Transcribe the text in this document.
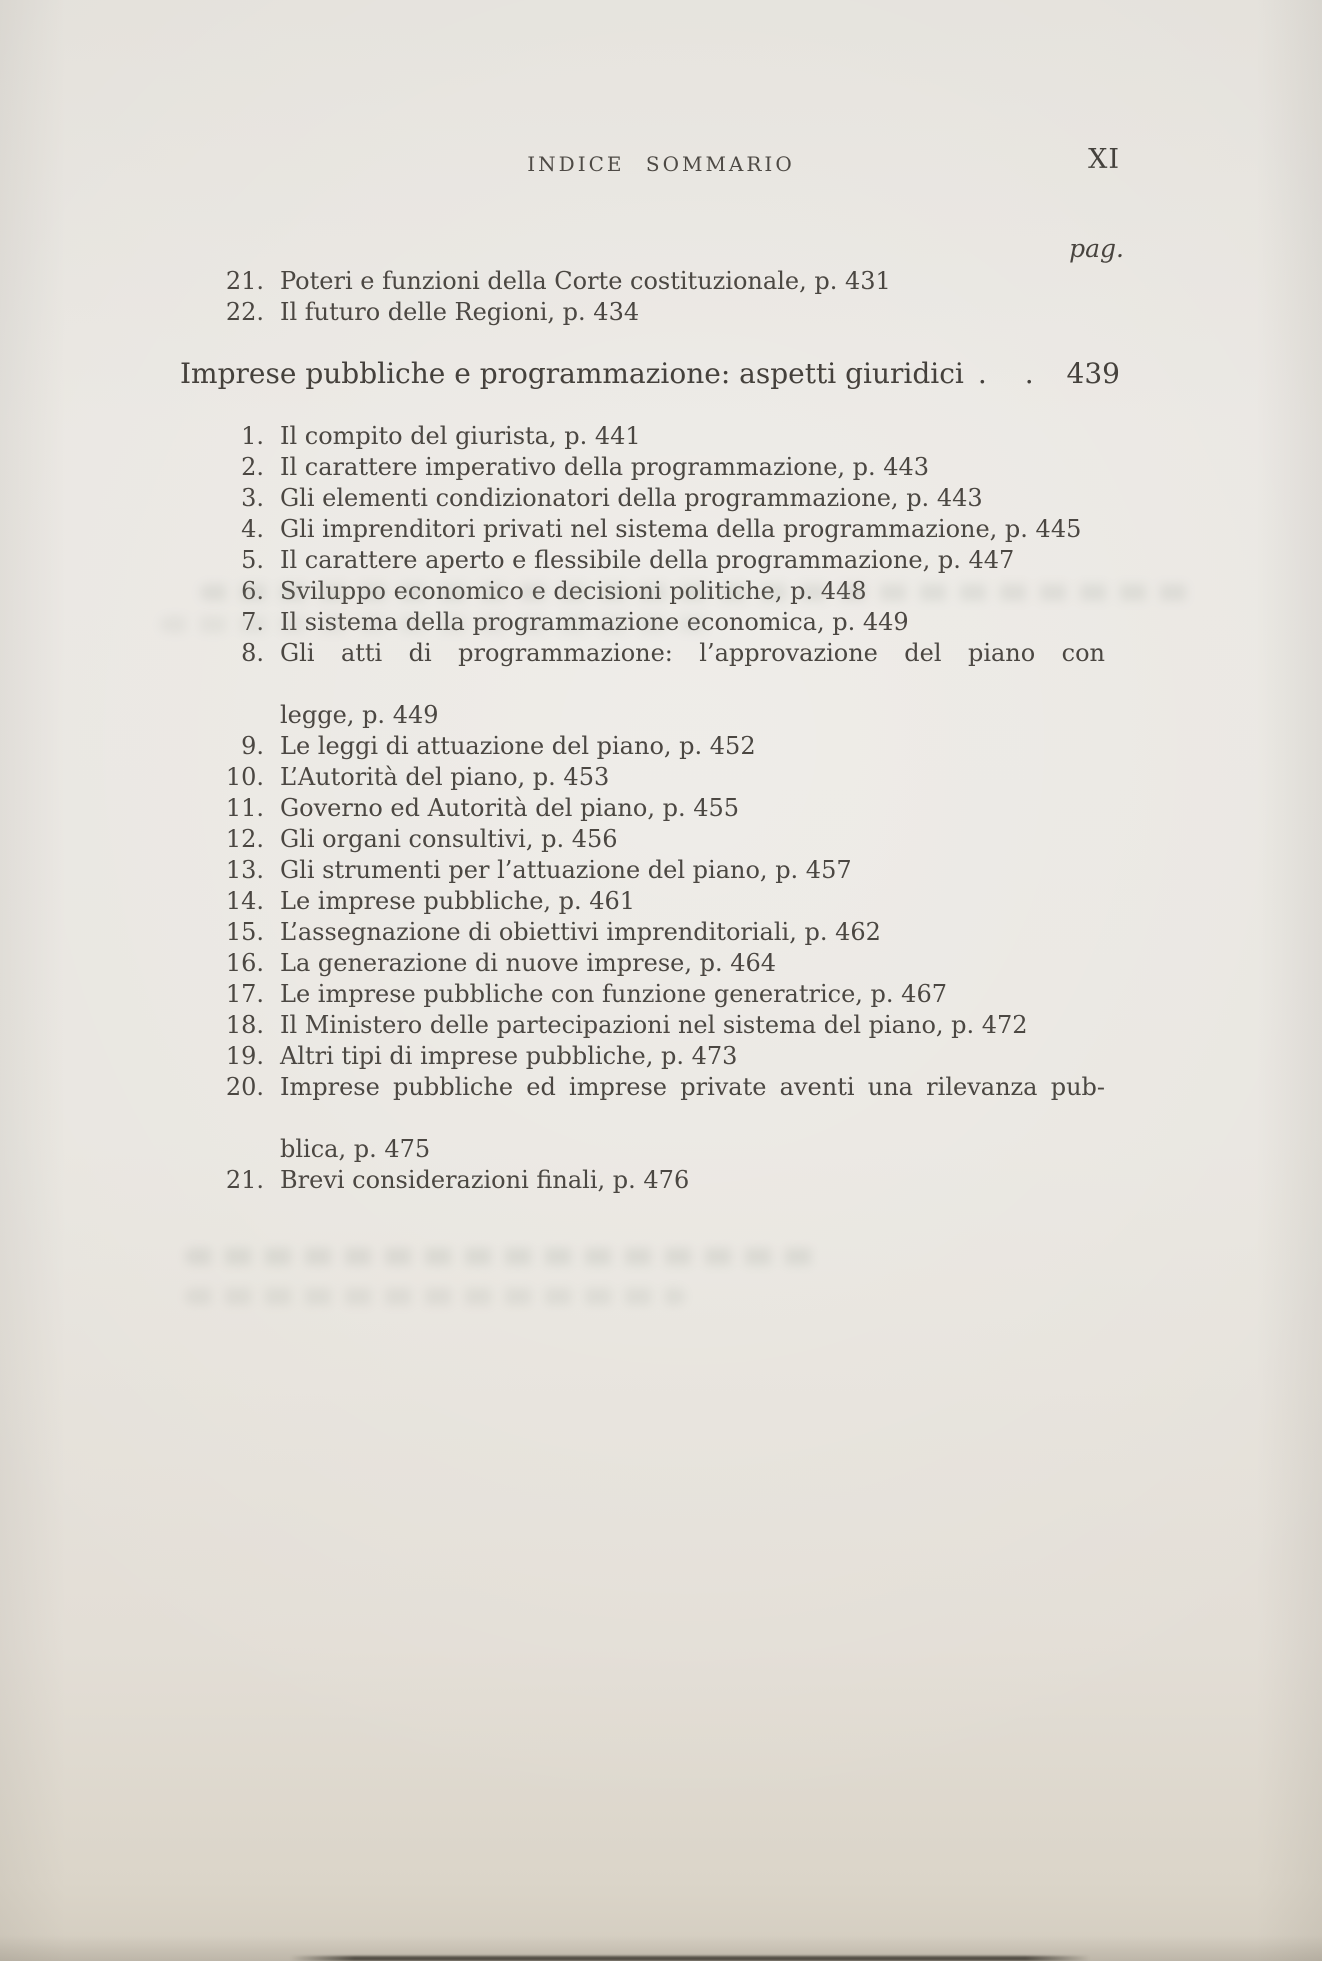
INDICE SOMMARIO	XI
pag.
21. Poteri e funzioni della Corte costituzionale, p. 431
22. Il futuro delle Regioni, p. 434
Imprese pubbliche e programmazione: aspetti giuridici . . 439
1. Il compito del giurista, p. 441
2. Il carattere imperativo della programmazione, p. 443
3. Gli elementi condizionatori della programmazione, p. 443
4. Gli imprenditori privati nel sistema della programmazione, p. 445
5. Il carattere aperto e flessibile della programmazione, p. 447
6. Sviluppo economico e decisioni politiche, p. 448
7. Il sistema della programmazione economica, p. 449
8. Gli atti di programmazione: l’approvazione del piano con
legge, p. 449
9. Le leggi di attuazione del piano, p. 452
10. L’Autorità del piano, p. 453
11. Governo ed Autorità del piano, p. 455
12. Gli organi consultivi, p. 456
13. Gli strumenti per l’attuazione del piano, p. 457
14. Le imprese pubbliche, p. 461
15. L’assegnazione di obiettivi imprenditoriali, p. 462
16. La generazione di nuove imprese, p. 464
17. Le imprese pubbliche con funzione generatrice, p. 467
18. Il Ministero delle partecipazioni nel sistema del piano, p. 472
19. Altri tipi di imprese pubbliche, p. 473
20. Imprese pubbliche ed imprese private aventi una rilevanza pub-
blica, p. 475
21. Brevi considerazioni finali, p. 476
